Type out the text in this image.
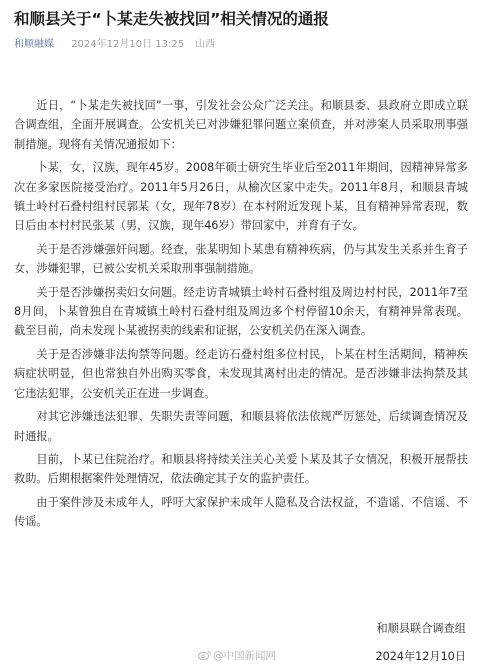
和顺县关于“卜某走失被找回”相关情况的通报
和顺融媒 2024年12月10日 13:25 山西

近日，“卜某走失被找回”一事，引发社会公众广泛关注。和顺县委、县政府立即成立联合调查组，全面开展调查。公安机关已对涉嫌犯罪问题立案侦查，并对涉案人员采取刑事强制措施。现将有关情况通报如下：

卜某，女，汉族，现年45岁。2008年硕士研究生毕业后至2011年期间，因精神异常多次在多家医院接受治疗。2011年5月26日，从榆次区家中走失。2011年8月，和顺县青城镇土岭村石叠村组村民郭某（女，现年78岁）在本村附近发现卜某，且有精神异常表现，数日后由本村村民张某（男，汉族，现年46岁）带回家中，并育有子女。

关于是否涉嫌强奸问题。经查，张某明知卜某患有精神疾病，仍与其发生关系并生育子女，涉嫌犯罪，已被公安机关采取刑事强制措施。

关于是否涉嫌拐卖妇女问题。经走访青城镇土岭村石叠村组及周边村村民，2011年7至8月间，卜某曾独自在青城镇土岭村石叠村组及周边多个村停留10余天，有精神异常表现。截至目前，尚未发现卜某被拐卖的线索和证据，公安机关仍在深入调查。

关于是否涉嫌非法拘禁等问题。经走访石叠村组多位村民，卜某在村生活期间，精神疾病症状明显，但也常独自外出购买零食，未发现其离村出走的情况。是否涉嫌非法拘禁及其它违法犯罪，公安机关正在进一步调查。

对其它涉嫌违法犯罪、失职失责等问题，和顺县将依法依规严厉惩处，后续调查情况及时通报。

目前，卜某已住院治疗。和顺县将持续关注关心关爱卜某及其子女情况，积极开展帮扶救助。后期根据案件处理情况，依法确定其子女的监护责任。

由于案件涉及未成年人，呼吁大家保护未成年人隐私及合法权益，不造谣、不信谣、不传谣。

和顺县联合调查组
@中国新闻网	2024年12月10日
